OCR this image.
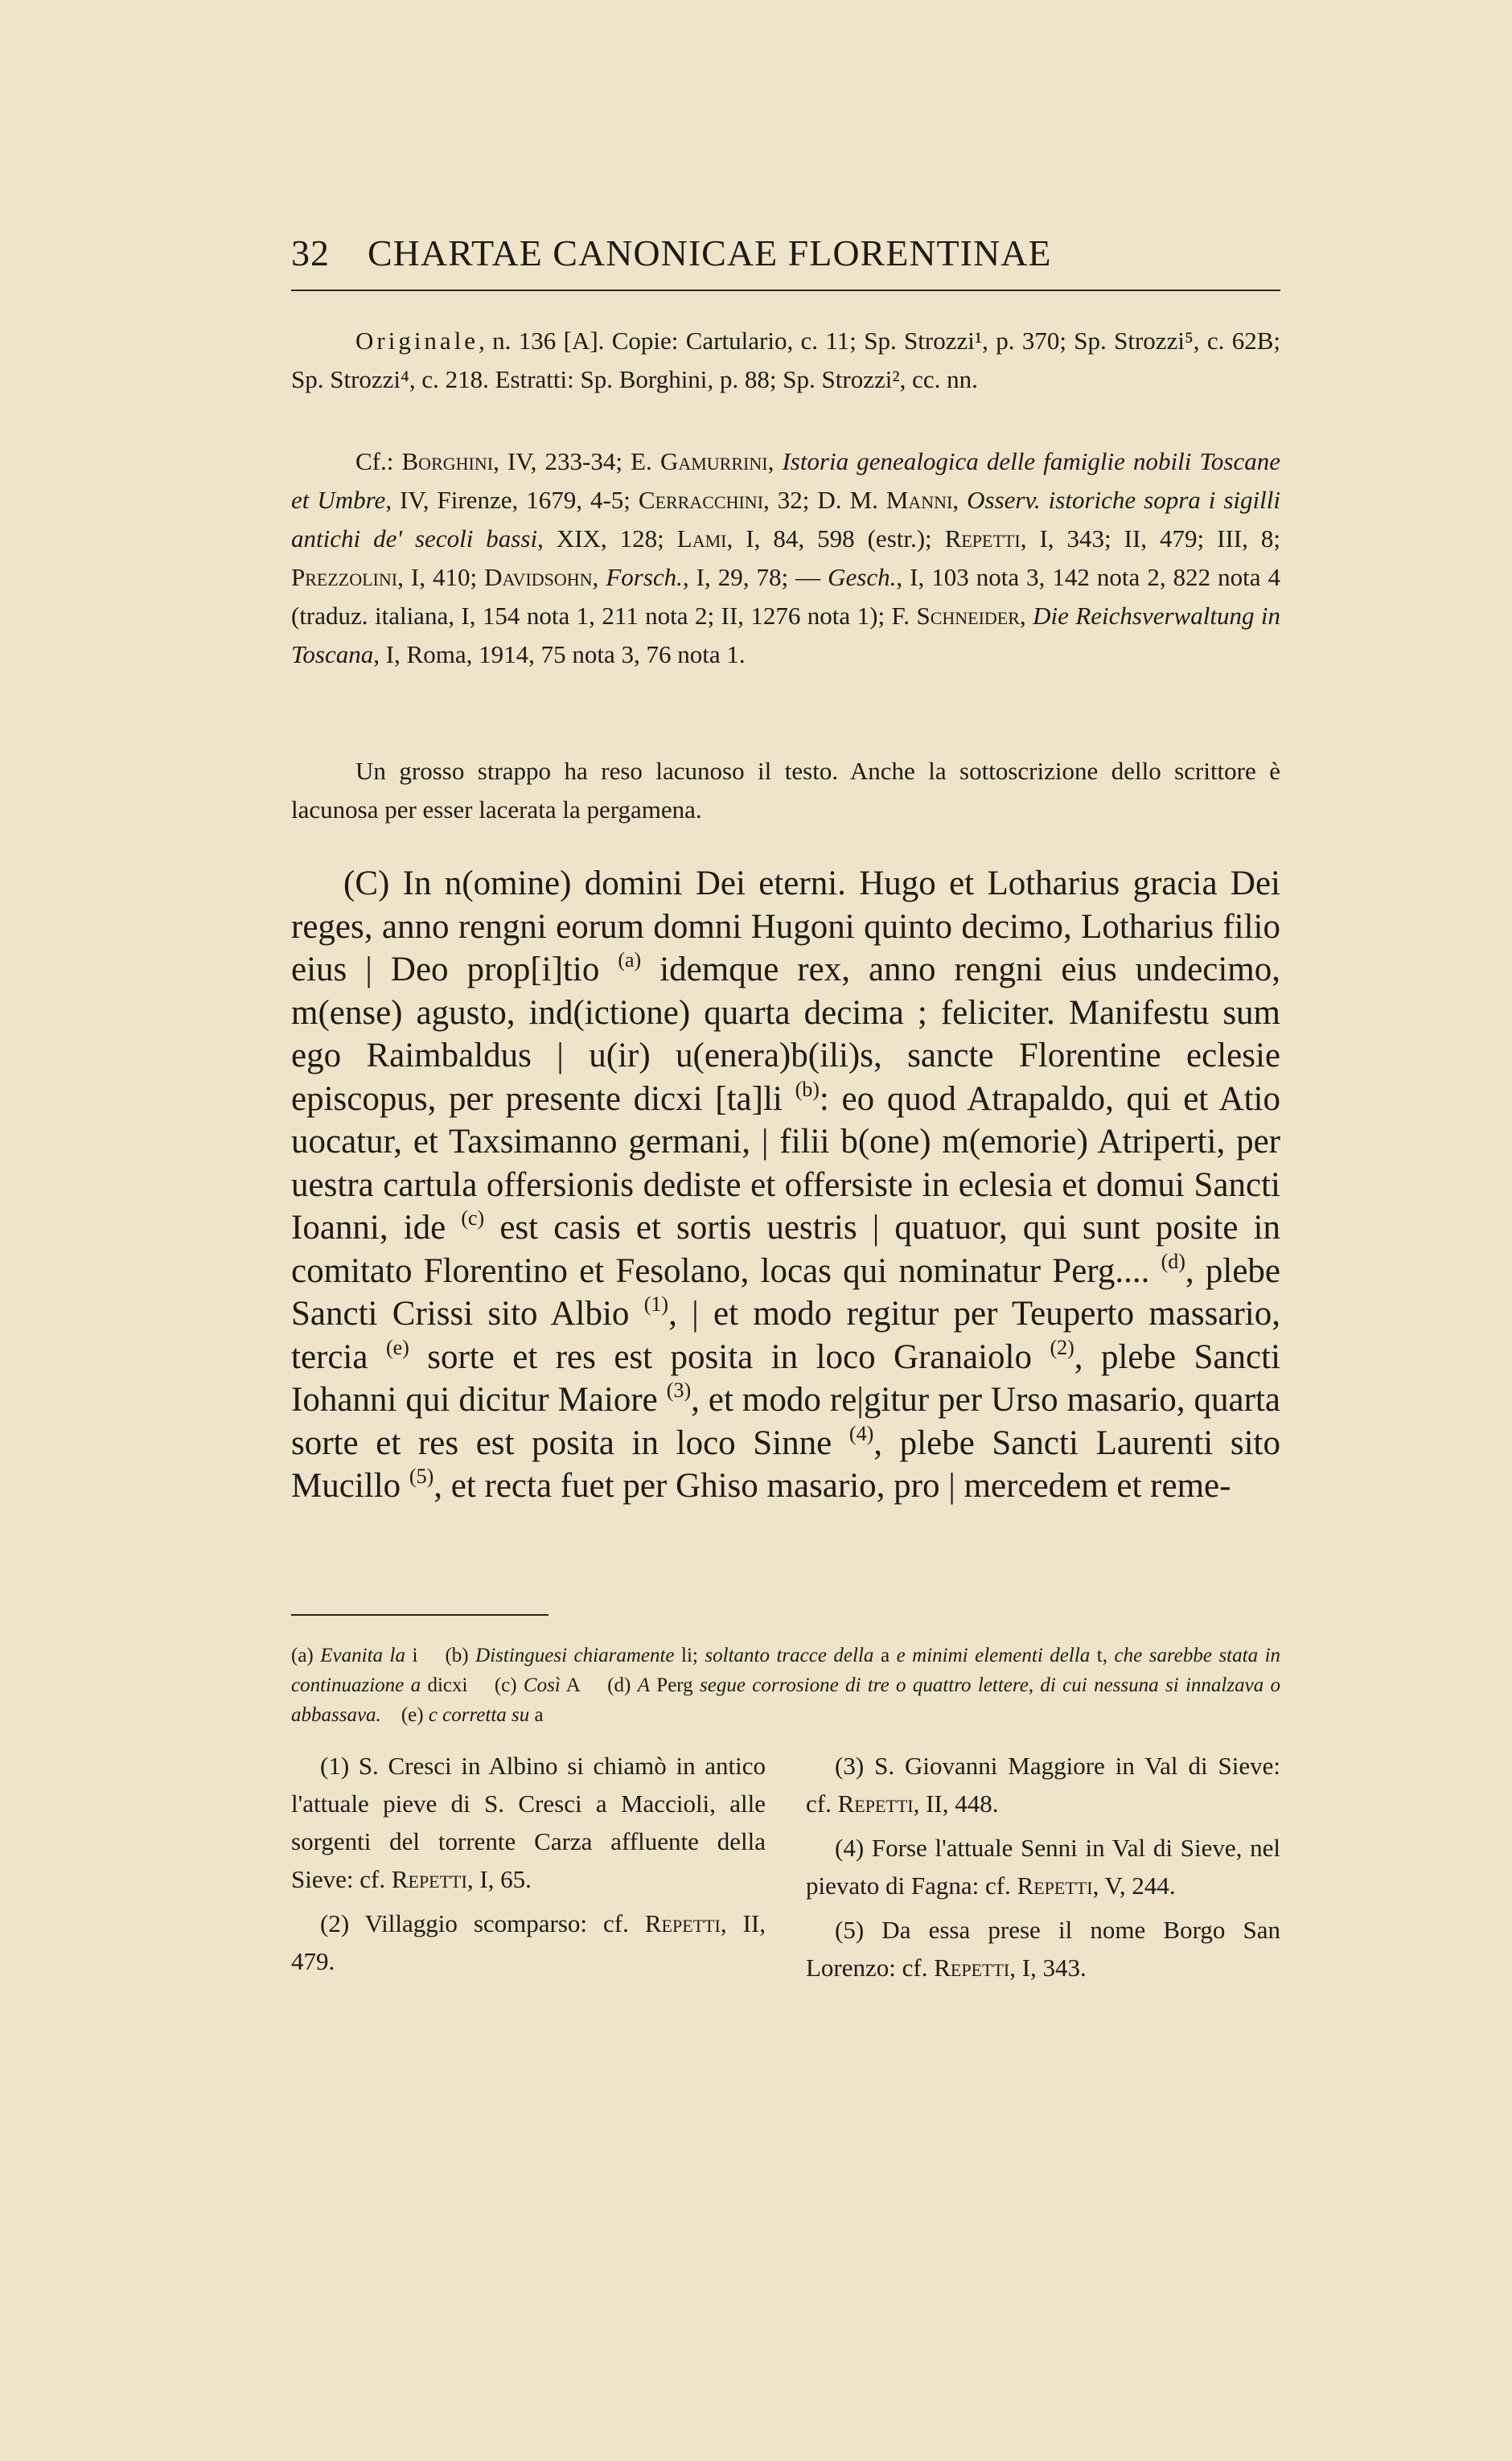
32	CHARTAE CANONICAE FLORENTINAE

Originale, n. 136 [A]. Copie: Cartulario, c. 11; Sp. Strozzi¹, p. 370; Sp. Strozzi⁵, c. 62B; Sp. Strozzi⁴, c. 218. Estratti: Sp. Borghini, p. 88; Sp. Strozzi², cc. nn.

Cf.: Borghini, IV, 233-34; E. Gamurrini, Istoria genealogica delle famiglie nobili Toscane et Umbre, IV, Firenze, 1679, 4-5; Cerracchini, 32; D. M. Manni, Osserv. istoriche sopra i sigilli antichi de' secoli bassi, XIX, 128; Lami, I, 84, 598 (estr.); Repetti, I, 343; II, 479; III, 8; Prezzolini, I, 410; Davidsohn, Forsch., I, 29, 78; — Gesch., I, 103 nota 3, 142 nota 2, 822 nota 4 (traduz. italiana, I, 154 nota 1, 211 nota 2; II, 1276 nota 1); F. Schneider, Die Reichsverwaltung in Toscana, I, Roma, 1914, 75 nota 3, 76 nota 1.

Un grosso strappo ha reso lacunoso il testo. Anche la sottoscrizione dello scrittore è lacunosa per esser lacerata la pergamena.

(C) In n(omine) domini Dei eterni. Hugo et Lotharius gracia Dei reges, anno rengni eorum domni Hugoni quinto decimo, Lotharius filio eius | Deo prop[i]tio $^{(a)}$ idemque rex, anno rengni eius undecimo, m(ense) agusto, ind(ictione) quarta decima ; feliciter. Manifestu sum ego Raimbaldus | u(ir) u(enera)b(ili)s, sancte Florentine eclesie episcopus, per presente dicxi [ta]li $^{(b)}$: eo quod Atrapaldo, qui et Atio uocatur, et Taxsimanno germani, | filii b(one) m(emorie) Atriperti, per uestra cartula offersionis dediste et offersiste in eclesia et domui Sancti Ioanni, ide $^{(c)}$ est casis et sortis uestris | quatuor, qui sunt posite in comitato Florentino et Fesolano, locas qui nominatur Perg.... $^{(d)}$, plebe Sancti Crissi sito Albio $^{(1)}$, | et modo regitur per Teuperto massario, tercia $^{(e)}$ sorte et res est posita in loco Granaiolo $^{(2)}$, plebe Sancti Iohanni qui dicitur Maiore $^{(3)}$, et modo re|gitur per Urso masario, quarta sorte et res est posita in loco Sinne $^{(4)}$, plebe Sancti Laurenti sito Mucillo $^{(5)}$, et recta fuet per Ghiso masario, pro | mercedem et reme-

(a) Evanita la i (b) Distinguesi chiaramente li; soltanto tracce della a e minimi elementi della t, che sarebbe stata in continuazione a dicxi (c) Così A (d) A Perg segue corrosione di tre o quattro lettere, di cui nessuna si innalzava o abbassava. (e) c corretta su a

(1) S. Cresci in Albino si chiamò in antico l'attuale pieve di S. Cresci a Maccioli, alle sorgenti del torrente Carza affluente della Sieve: cf. Repetti, I, 65.

(2) Villaggio scomparso: cf. Repetti, II, 479.

(3) S. Giovanni Maggiore in Val di Sieve: cf. Repetti, II, 448.

(4) Forse l'attuale Senni in Val di Sieve, nel pievato di Fagna: cf. Repetti, V, 244.

(5) Da essa prese il nome Borgo San Lorenzo: cf. Repetti, I, 343.
